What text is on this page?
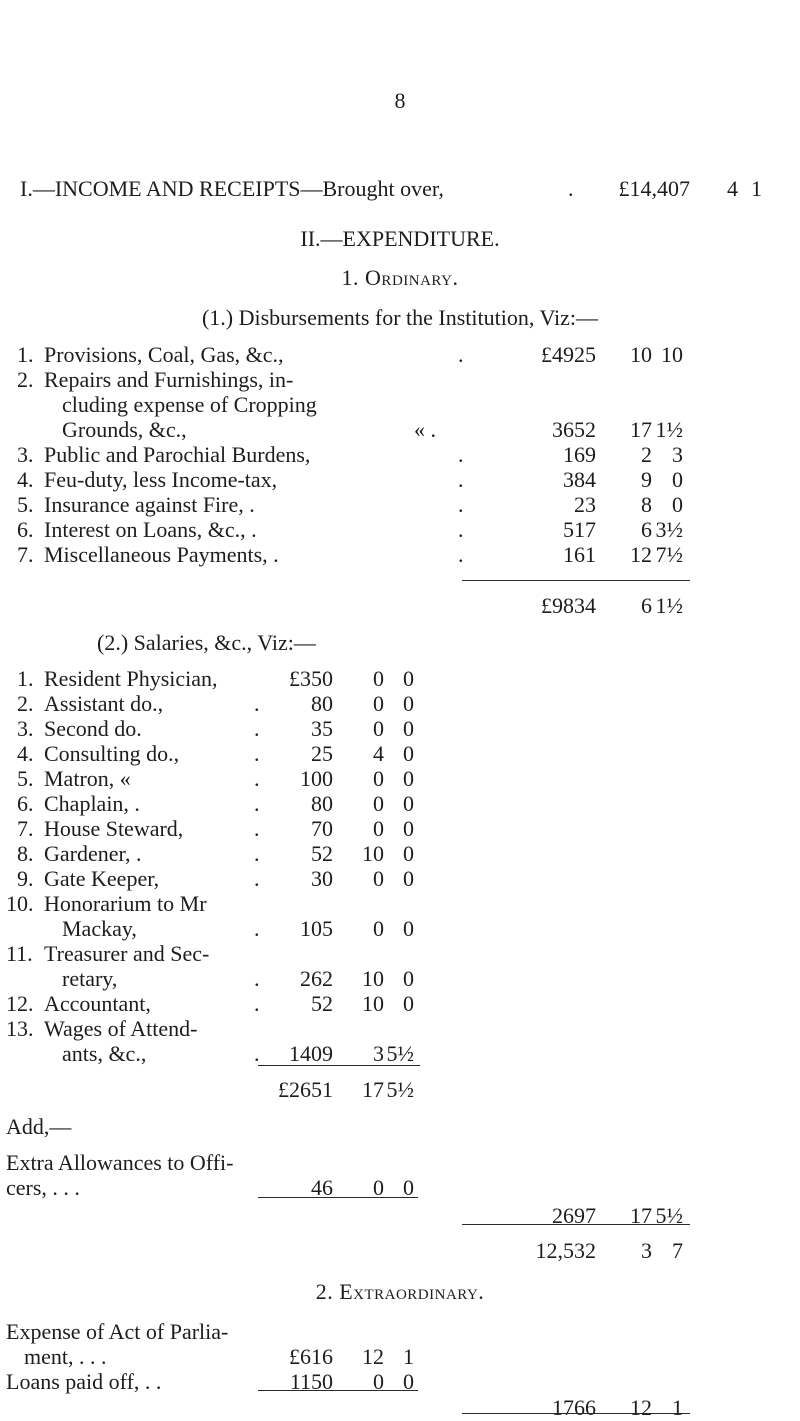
8
I.—INCOME AND RECEIPTS—Brought over,	. £14,407 4 1
II.—EXPENDITURE.
1. Ordinary.
(1.) Disbursements for the Institution, Viz:—
1. Provisions, Coal, Gas, &c.,	.	£4925 10 10
2. Repairs and Furnishings, in-
cluding expense of Cropping
Grounds, &c.,	« .	3652 17 1½
3. Public and Parochial Burdens,	.	169 2 3
4. Feu-duty, less Income-tax,	.	384 9 0
5. Insurance against Fire, .	.	23 8 0
6. Interest on Loans, &c., .	.	517 6 3½
7. Miscellaneous Payments, .	.	161 12 7½
£9834 6 1½
(2.) Salaries, &c., Viz:—
1. Resident Physician,	£350 0 0
2. Assistant do.,	. 80 0 0
3. Second do.	. 35 0 0
4. Consulting do.,	. 25 4 0
5. Matron, «	. 100 0 0
6. Chaplain, .	. 80 0 0
7. House Steward,	. 70 0 0
8. Gardener, .	. 52 10 0
9. Gate Keeper,	. 30 0 0
10. Honorarium to Mr
Mackay,	. 105 0 0
11. Treasurer and Sec-
retary,	. 262 10 0
12. Accountant,	. 52 10 0
13. Wages of Attend-
ants, &c.,	. 1409 3 5½
£2651 17 5½
Add,—
Extra Allowances to Offi-
cers, . . .	46 0 0
2697 17 5½
12,532 3 7
2. Extraordinary.
Expense of Act of Parlia-
ment, . . .	£616 12 1
Loans paid off, . .	1150 0 0
1766 12 1
